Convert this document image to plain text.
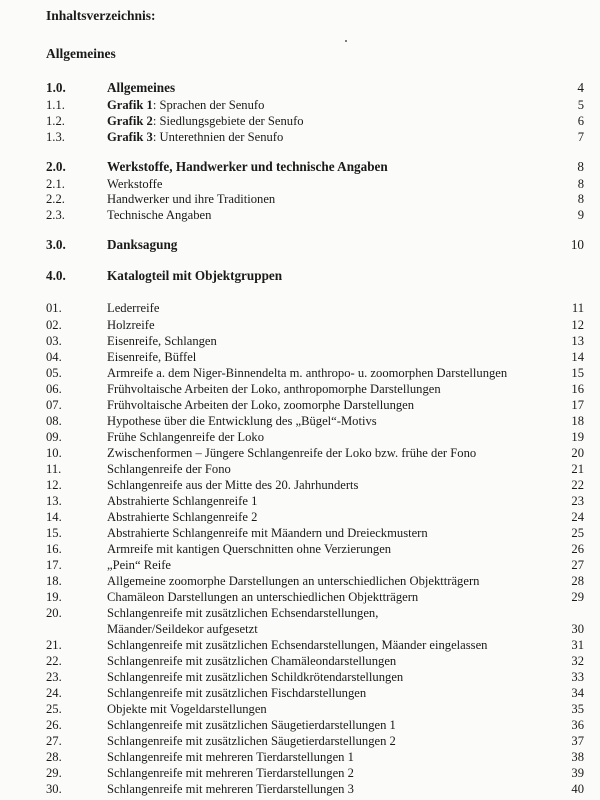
Inhaltsverzeichnis:
Allgemeines
1.0.	Allgemeines	4
1.1.	Grafik 1: Sprachen der Senufo	5
1.2.	Grafik 2: Siedlungsgebiete der Senufo	6
1.3.	Grafik 3: Unterethnien der Senufo	7
2.0.	Werkstoffe, Handwerker und technische Angaben	8
2.1.	Werkstoffe	8
2.2.	Handwerker und ihre Traditionen	8
2.3.	Technische Angaben	9
3.0.	Danksagung	10
4.0.	Katalogteil mit Objektgruppen
01.	Lederreife	11
02.	Holzreife	12
03.	Eisenreife, Schlangen	13
04.	Eisenreife, Büffel	14
05.	Armreife a. dem Niger-Binnendelta m. anthropo- u. zoomorphen Darstellungen	15
06.	Frühvoltaische Arbeiten der Loko, anthropomorphe Darstellungen	16
07.	Frühvoltaische Arbeiten der Loko, zoomorphe Darstellungen	17
08.	Hypothese über die Entwicklung des „Bügel“-Motivs	18
09.	Frühe Schlangenreife der Loko	19
10.	Zwischenformen – Jüngere Schlangenreife der Loko bzw. frühe der Fono	20
11.	Schlangenreife der Fono	21
12.	Schlangenreife aus der Mitte des 20. Jahrhunderts	22
13.	Abstrahierte Schlangenreife 1	23
14.	Abstrahierte Schlangenreife 2	24
15.	Abstrahierte Schlangenreife mit Mäandern und Dreieckmustern	25
16.	Armreife mit kantigen Querschnitten ohne Verzierungen	26
17.	„Pein“ Reife	27
18.	Allgemeine zoomorphe Darstellungen an unterschiedlichen Objektträgern	28
19.	Chamäleon Darstellungen an unterschiedlichen Objektträgern	29
20.	Schlangenreife mit zusätzlichen Echsendarstellungen,
Mäander/Seildekor aufgesetzt	30
21.	Schlangenreife mit zusätzlichen Echsendarstellungen, Mäander eingelassen	31
22.	Schlangenreife mit zusätzlichen Chamäleondarstellungen	32
23.	Schlangenreife mit zusätzlichen Schildkrötendarstellungen	33
24.	Schlangenreife mit zusätzlichen Fischdarstellungen	34
25.	Objekte mit Vogeldarstellungen	35
26.	Schlangenreife mit zusätzlichen Säugetierdarstellungen 1	36
27.	Schlangenreife mit zusätzlichen Säugetierdarstellungen 2	37
28.	Schlangenreife mit mehreren Tierdarstellungen 1	38
29.	Schlangenreife mit mehreren Tierdarstellungen 2	39
30.	Schlangenreife mit mehreren Tierdarstellungen 3	40
